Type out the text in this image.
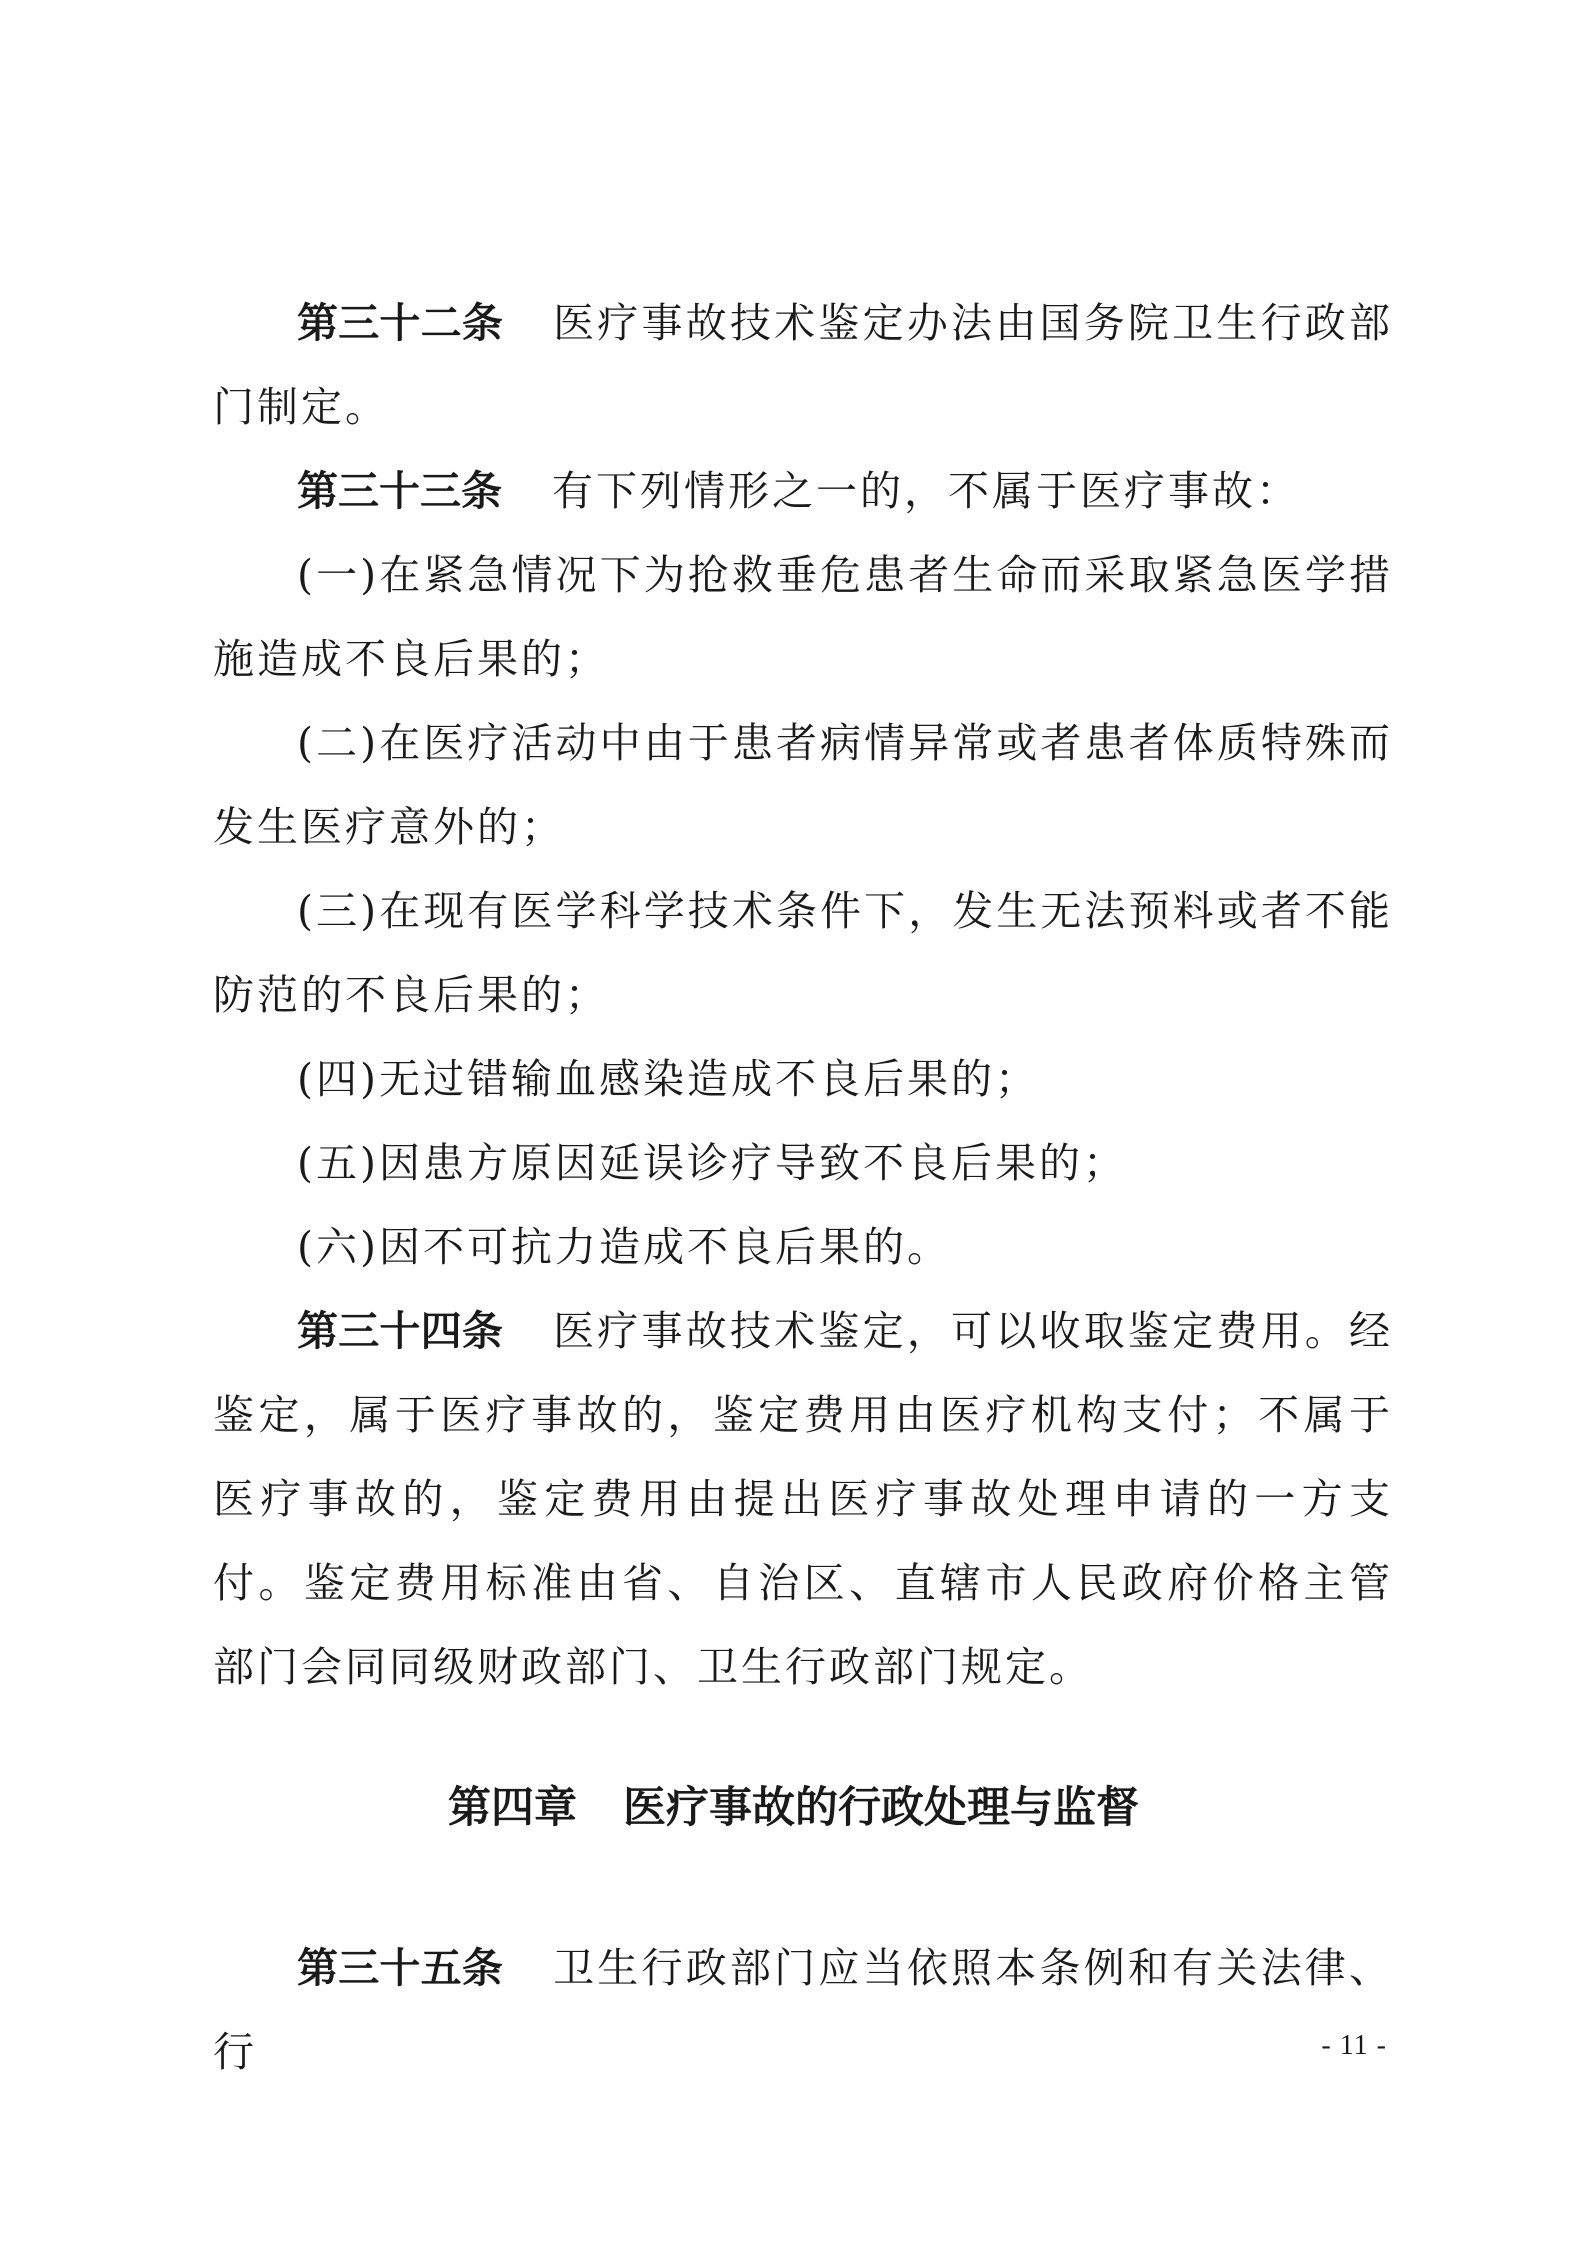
第三十二条 医疗事故技术鉴定办法由国务院卫生行政部门制定。

第三十三条 有下列情形之一的，不属于医疗事故：

(一)在紧急情况下为抢救垂危患者生命而采取紧急医学措施造成不良后果的；

(二)在医疗活动中由于患者病情异常或者患者体质特殊而发生医疗意外的；

(三)在现有医学科学技术条件下，发生无法预料或者不能防范的不良后果的；

(四)无过错输血感染造成不良后果的；

(五)因患方原因延误诊疗导致不良后果的；

(六)因不可抗力造成不良后果的。

第三十四条 医疗事故技术鉴定，可以收取鉴定费用。经鉴定，属于医疗事故的，鉴定费用由医疗机构支付；不属于医疗事故的，鉴定费用由提出医疗事故处理申请的一方支付。鉴定费用标准由省、自治区、直辖市人民政府价格主管部门会同同级财政部门、卫生行政部门规定。

第四章 医疗事故的行政处理与监督

第三十五条 卫生行政部门应当依照本条例和有关法律、行	- 11 -
